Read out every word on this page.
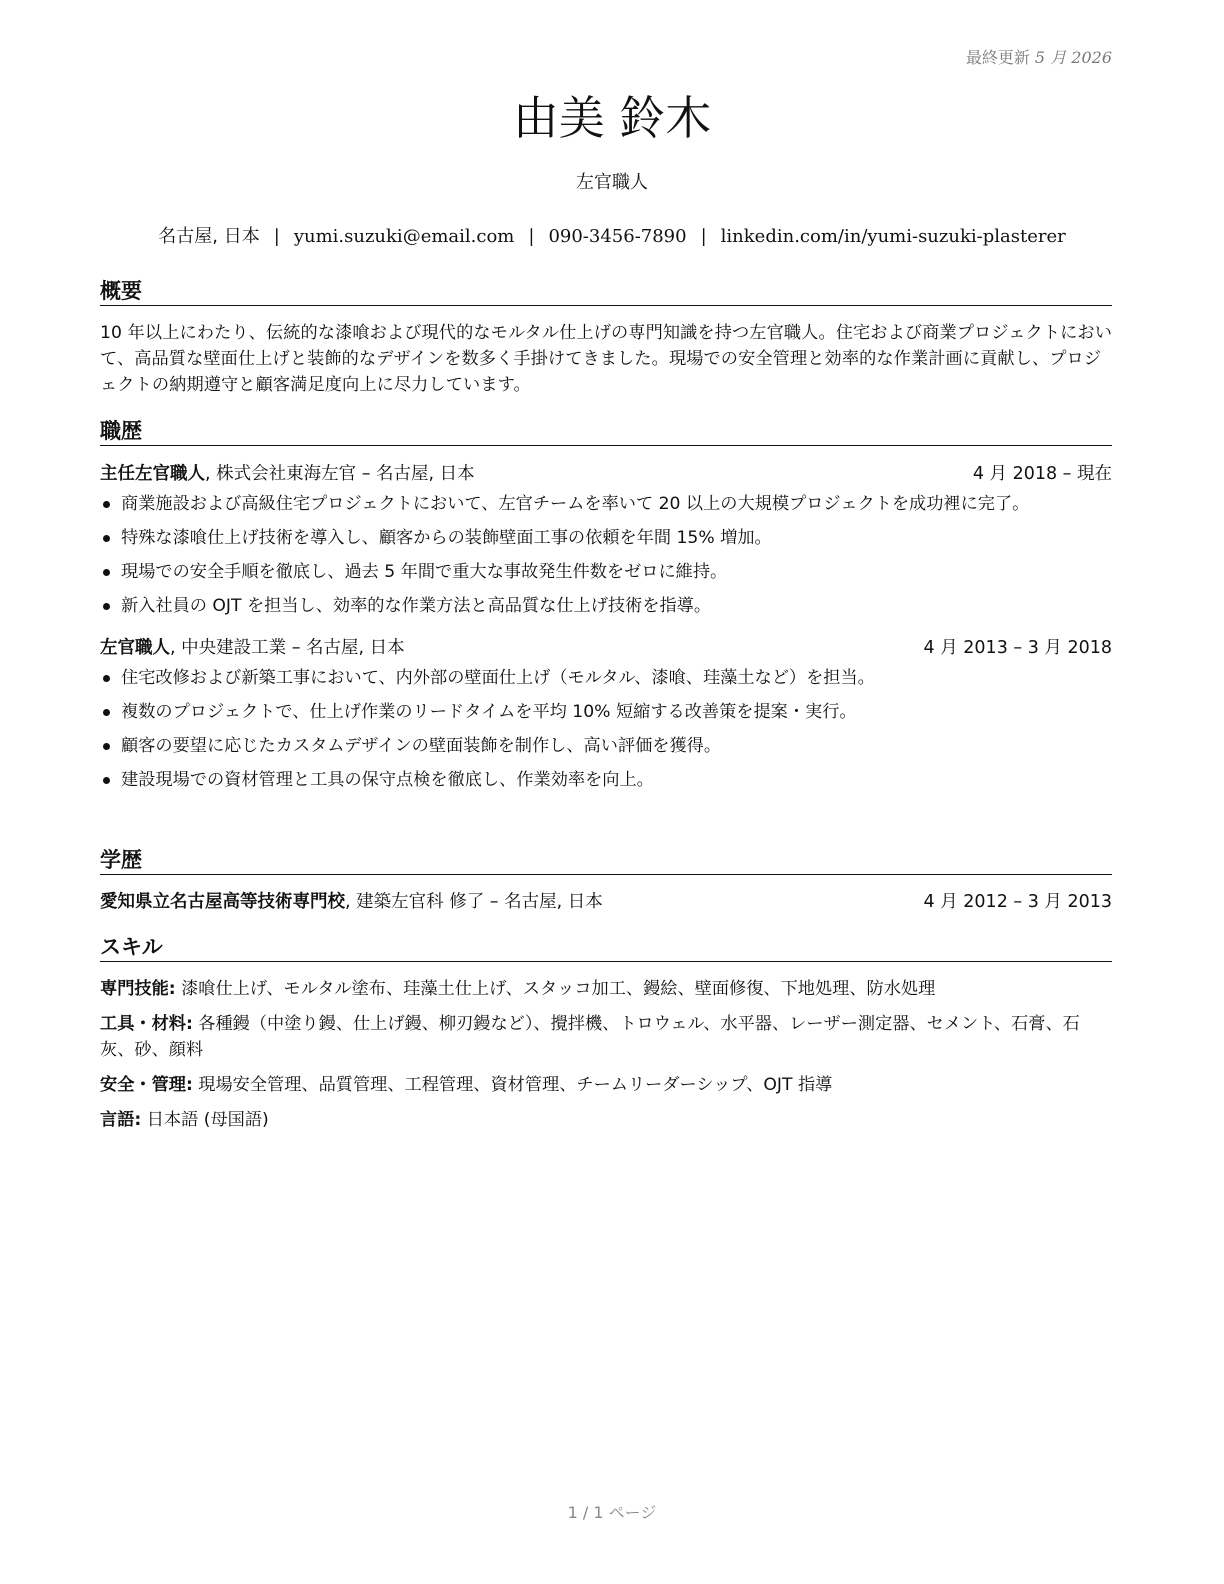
最終更新 5 月 2026
由美 鈴木
左官職人
名古屋, 日本 | yumi.suzuki@email.com | 090-3456-7890 | linkedin.com/in/yumi-suzuki-plasterer
概要
10 年以上にわたり、伝統的な漆喰および現代的なモルタル仕上げの専門知識を持つ左官職人。住宅および商業プロジェクトにおいて、高品質な壁面仕上げと装飾的なデザインを数多く手掛けてきました。現場での安全管理と効率的な作業計画に貢献し、プロジェクトの納期遵守と顧客満足度向上に尽力しています。
職歴
主任左官職人, 株式会社東海左官 – 名古屋, 日本	4 月 2018 – 現在
商業施設および高級住宅プロジェクトにおいて、左官チームを率いて 20 以上の大規模プロジェクトを成功裡に完了。
特殊な漆喰仕上げ技術を導入し、顧客からの装飾壁面工事の依頼を年間 15% 増加。
現場での安全手順を徹底し、過去 5 年間で重大な事故発生件数をゼロに維持。
新入社員の OJT を担当し、効率的な作業方法と高品質な仕上げ技術を指導。
左官職人, 中央建設工業 – 名古屋, 日本	4 月 2013 – 3 月 2018
住宅改修および新築工事において、内外部の壁面仕上げ（モルタル、漆喰、珪藻土など）を担当。
複数のプロジェクトで、仕上げ作業のリードタイムを平均 10% 短縮する改善策を提案・実行。
顧客の要望に応じたカスタムデザインの壁面装飾を制作し、高い評価を獲得。
建設現場での資材管理と工具の保守点検を徹底し、作業効率を向上。
学歴
愛知県立名古屋高等技術専門校, 建築左官科 修了 – 名古屋, 日本	4 月 2012 – 3 月 2013
スキル
専門技能: 漆喰仕上げ、モルタル塗布、珪藻土仕上げ、スタッコ加工、鏝絵、壁面修復、下地処理、防水処理
工具・材料: 各種鏝（中塗り鏝、仕上げ鏝、柳刃鏝など）、攪拌機、トロウェル、水平器、レーザー測定器、セメント、石膏、石灰、砂、顔料
安全・管理: 現場安全管理、品質管理、工程管理、資材管理、チームリーダーシップ、OJT 指導
言語: 日本語 (母国語)
1 / 1 ページ
